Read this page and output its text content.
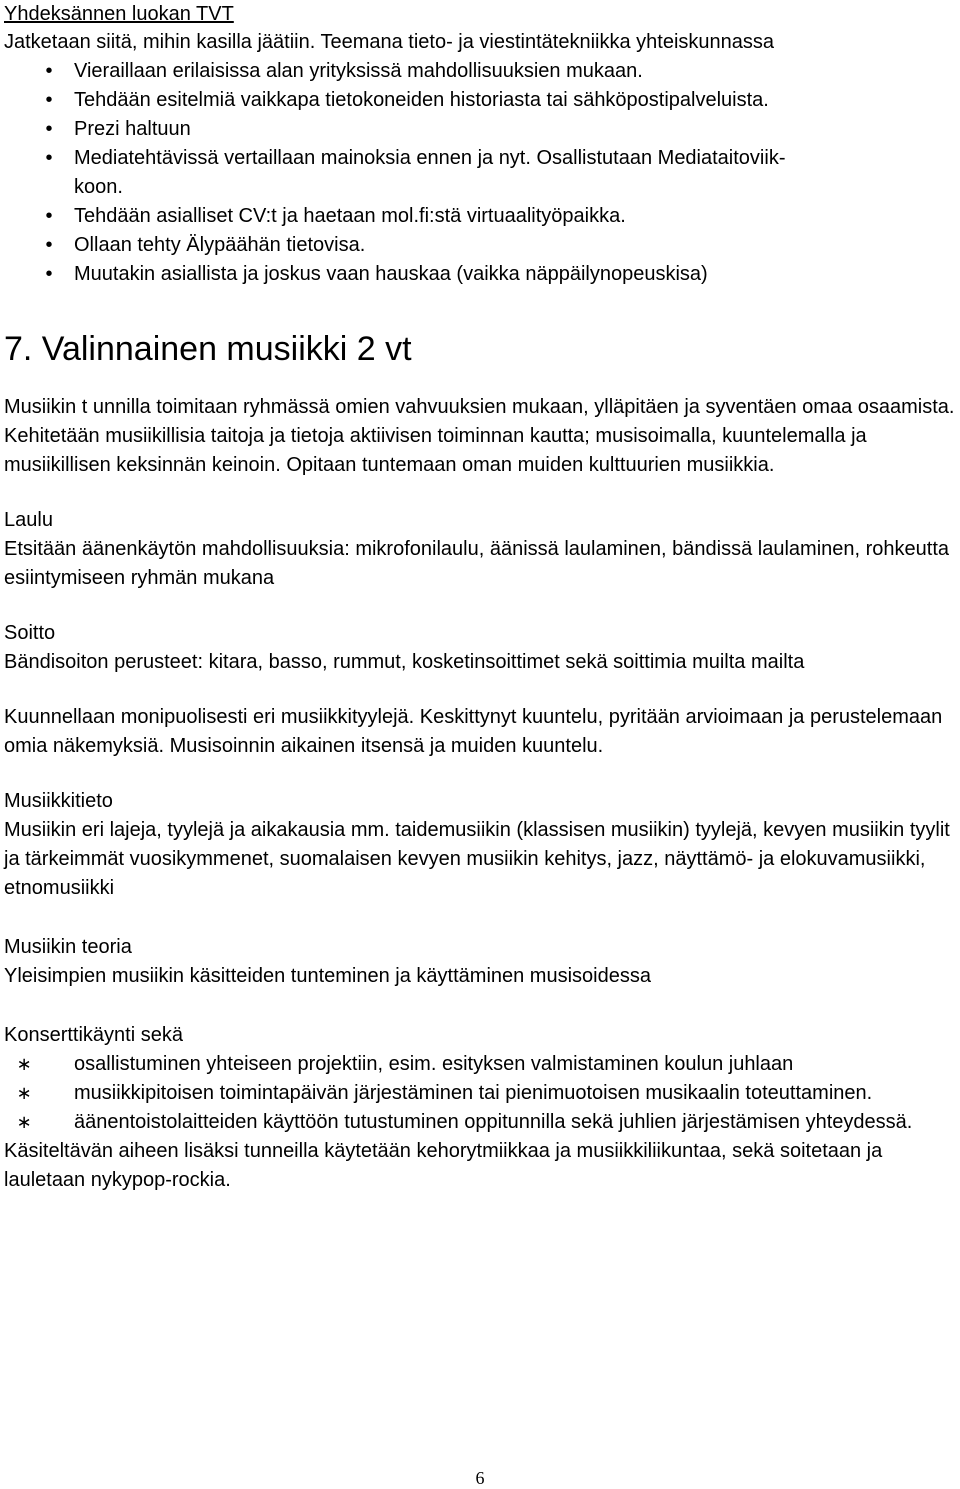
Yhdeksännen luokan TVT

Jatketaan siitä, mihin kasilla jäätiin. Teemana tieto- ja viestintätekniikka yhteiskunnassa

•	Vieraillaan erilaisissa alan yrityksissä mahdollisuuksien mukaan.
•	Tehdään esitelmiä vaikkapa tietokoneiden historiasta tai sähköpostipalveluista.
•	Prezi haltuun
•	Mediatehtävissä vertaillaan mainoksia ennen ja nyt. Osallistutaan Mediataitoviikkoon.
•	Tehdään asialliset CV:t ja haetaan mol.fi:stä virtuaalityöpaikka.
•	Ollaan tehty Älypäähän tietovisa.
•	Muutakin asiallista ja joskus vaan hauskaa (vaikka näppäilynopeuskisa)
7. Valinnainen musiikki 2 vt

Musiikin t unnilla toimitaan ryhmässä omien vahvuuksien mukaan, ylläpitäen ja syventäen omaa osaamista. Kehitetään musiikillisia taitoja ja tietoja aktiivisen toiminnan kautta; musisoimalla, kuuntelemalla ja musiikillisen keksinnän keinoin. Opitaan tuntemaan oman muiden kulttuurien musiikkia.

Laulu

Etsitään äänenkäytön mahdollisuuksia: mikrofonilaulu, äänissä laulaminen, bändissä laulaminen, rohkeutta esiintymiseen ryhmän mukana

Soitto

Bändisoiton perusteet: kitara, basso, rummut, kosketinsoittimet sekä soittimia muilta mailta

Kuunnellaan monipuolisesti eri musiikkityylejä. Keskittynyt kuuntelu, pyritään arvioimaan ja perustelemaan omia näkemyksiä. Musisoinnin aikainen itsensä ja muiden kuuntelu.

Musiikkitieto

Musiikin eri lajeja, tyylejä ja aikakausia mm. taidemusiikin (klassisen musiikin) tyylejä, kevyen musiikin tyylit ja tärkeimmät vuosikymmenet, suomalaisen kevyen musiikin kehitys, jazz, näyttämö- ja elokuvamusiikki, etnomusiikki

Musiikin teoria

Yleisimpien musiikin käsitteiden tunteminen ja käyttäminen musisoidessa

Konserttikäynti sekä

∗	osallistuminen yhteiseen projektiin, esim. esityksen valmistaminen koulun juhlaan
∗	musiikkipitoisen toimintapäivän järjestäminen tai pienimuotoisen musikaalin toteuttaminen.
∗	äänentoistolaitteiden käyttöön tutustuminen oppitunnilla sekä juhlien järjestämisen yhteydessä.

Käsiteltävän aiheen lisäksi tunneilla käytetään kehorytmiikkaa ja musiikkiliikuntaa, sekä soitetaan ja lauletaan nykypop-rockia.

6
